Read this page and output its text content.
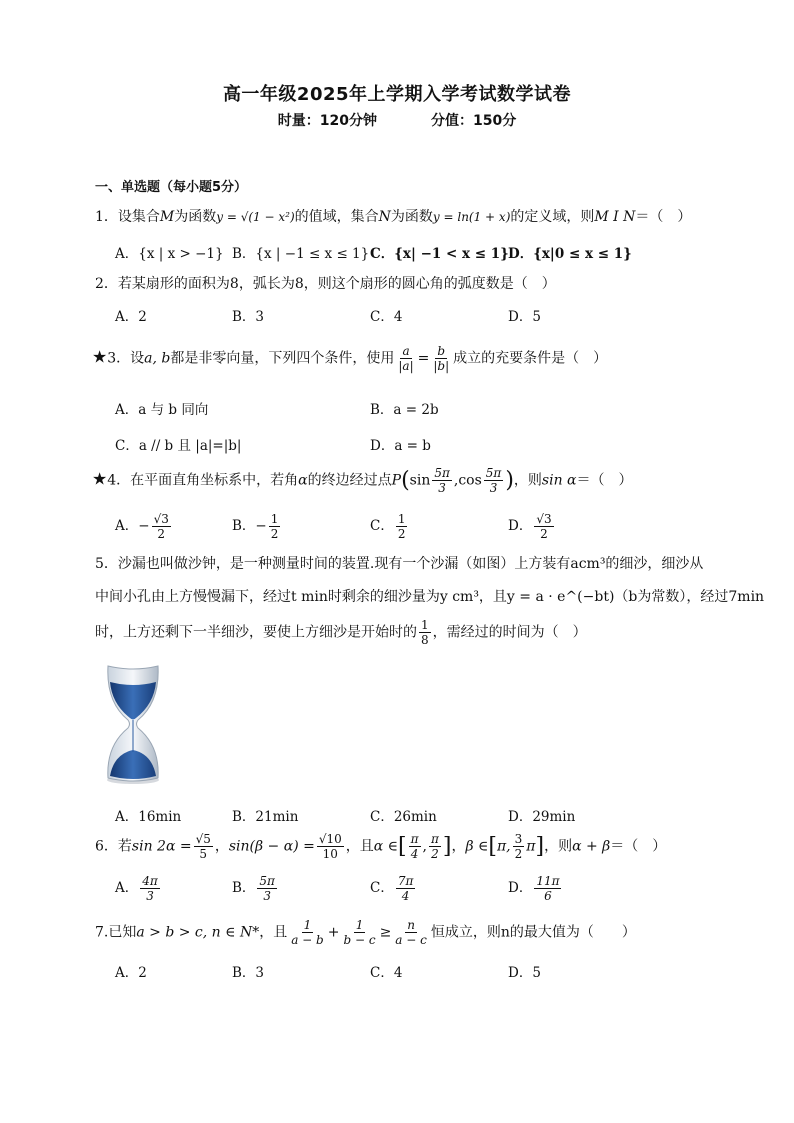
高一年级2025年上学期入学考试数学试卷
时量：120分钟	分值：150分
一、单选题（每小题5分）
1．设集合M为函数y = √(1 − x²)的值域，集合N为函数y = ln(1 + x)的定义域，则M I N＝（　）
A．{x | x > −1} B．{x | −1 ≤ x ≤ 1} C．{x| −1 < x ≤ 1} D．{x|0 ≤ x ≤ 1}
2．若某扇形的面积为8，弧长为8，则这个扇形的圆心角的弧度数是（　）
A．2	B．3	C．4	D．5
★3．设a, b都是非零向量，下列四个条件，使用 $\frac{a}{|a|} = \frac{b}{|b|}$ 成立的充要条件是（　）
A．a 与 b 同向	B．a = 2b
C．a // b 且 |a|=|b|	D．a = b
★4．在平面直角坐标系中，若角α的终边经过点$P(\sin \frac{5\pi}{3} ,\cos \frac{5\pi}{3}$ )，则sin α＝（　）
A．− $\frac{√3}{2}$	B．− $\frac{1}{2}$	C． $\frac{1}{2}$	D． $\frac{√3}{2}$
5．沙漏也叫做沙钟，是一种测量时间的装置.现有一个沙漏（如图）上方装有acm³的细沙，细沙从
中间小孔由上方慢慢漏下，经过t min时剩余的细沙量为y cm³，且y = a · e^(−bt)（b为常数），经过7min
时，上方还剩下一半细沙，要使上方细沙是开始时的 $\frac{1}{8}$ ，需经过的时间为（　）
A．16min	B．21min	C．26min	D．29min
6．若$\sin 2\alpha = \frac{√5}{5}$ ，$\sin(\beta - \alpha) = \frac{√10}{10}$ ，且α ∈[ $\frac{\pi}{4}$ , $\frac{\pi}{2}$ ]，β ∈[π, $\frac{3}{2} \pi$]，则α + β＝（　）
A． $\frac{4\pi}{3}$	B． $\frac{5\pi}{3}$	C． $\frac{7\pi}{4}$	D． $\frac{11\pi}{6}$
7.已知a > b > c, n ∈ N*，且 $\frac{1}{a - b} + \frac{1}{b - c} \ge \frac{n}{a - c}$ 恒成立，则n的最大值为（　　）
A．2	B．3	C．4	D．5
